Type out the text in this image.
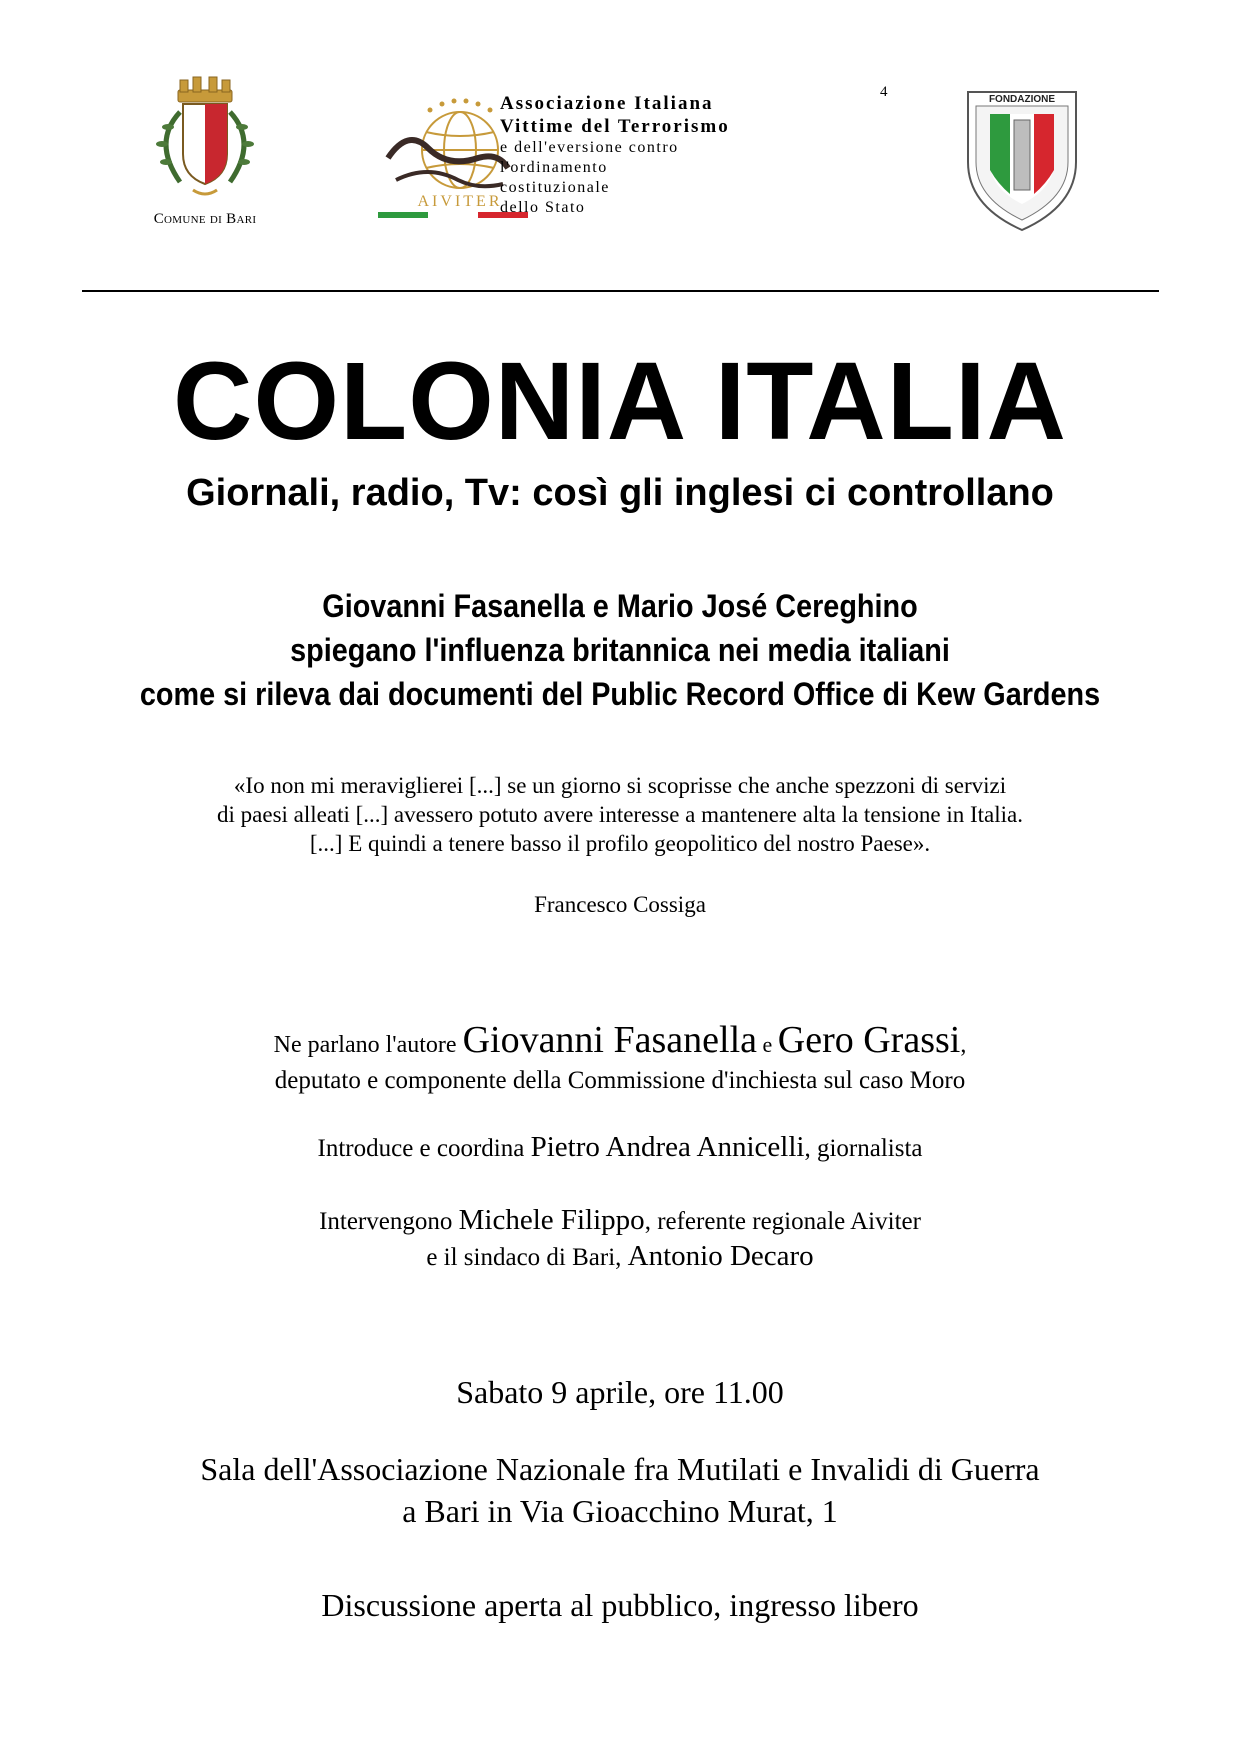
Comune di Bari
AIVITER
Associazione Italiana
Vittime del Terrorismo
e dell'eversione contro
l'ordinamento
costituzionale
dello Stato
4	FONDAZIONE
COLONIA ITALIA
Giornali, radio, Tv: così gli inglesi ci controllano
Giovanni Fasanella e Mario José Cereghino
spiegano l'influenza britannica nei media italiani
come si rileva dai documenti del Public Record Office di Kew Gardens
«Io non mi meraviglierei [...] se un giorno si scoprisse che anche spezzoni di servizi
di paesi alleati [...] avessero potuto avere interesse a mantenere alta la tensione in Italia.
[...] E quindi a tenere basso il profilo geopolitico del nostro Paese».
Francesco Cossiga
Ne parlano l'autore Giovanni Fasanella e Gero Grassi,
deputato e componente della Commissione d'inchiesta sul caso Moro
Introduce e coordina Pietro Andrea Annicelli, giornalista
Intervengono Michele Filippo, referente regionale Aiviter
e il sindaco di Bari, Antonio Decaro
Sabato 9 aprile, ore 11.00
Sala dell'Associazione Nazionale fra Mutilati e Invalidi di Guerra
a Bari in Via Gioacchino Murat, 1
Discussione aperta al pubblico, ingresso libero
